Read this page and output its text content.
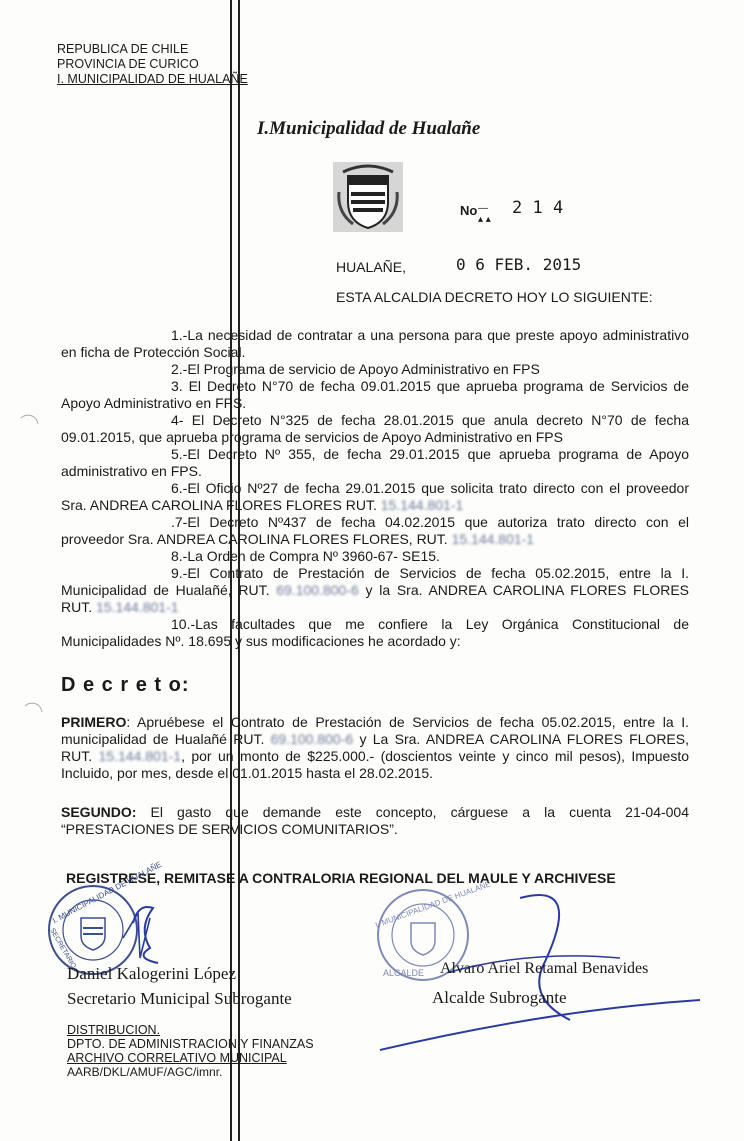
REPUBLICA DE CHILE
PROVINCIA DE CURICO
I. MUNICIPALIDAD DE HUALAÑE
I.Municipalidad de Hualañe
No —
▴ ▴
2 1 4
HUALAÑE,	0 6 FEB. 2015
ESTA ALCALDIA DECRETO HOY LO SIGUIENTE:
1.-La necesidad de contratar a una persona para que preste apoyo administrativo en ficha de Protección Social.
2.-El Programa de servicio de Apoyo Administrativo en FPS
3. El Decreto N°70 de fecha 09.01.2015 que aprueba programa de Servicios de Apoyo Administrativo en FPS.
4- El Decreto N°325 de fecha 28.01.2015 que anula decreto N°70 de fecha 09.01.2015, que aprueba programa de servicios de Apoyo Administrativo en FPS
5.-El Decreto Nº 355, de fecha 29.01.2015 que aprueba programa de Apoyo administrativo en FPS.
6.-El Oficio Nº27 de fecha 29.01.2015 que solicita trato directo con el proveedor Sra. ANDREA CAROLINA FLORES FLORES RUT. 15.144.801-1
.7-El Decreto Nº437 de fecha 04.02.2015 que autoriza trato directo con el proveedor Sra. ANDREA CAROLINA FLORES FLORES, RUT. 15.144.801-1
8.-La Orden de Compra Nº 3960-67- SE15.
9.-El Contrato de Prestación de Servicios de fecha 05.02.2015, entre la I. Municipalidad de Hualañé, RUT. 69.100.800-6 y la Sra. ANDREA CAROLINA FLORES FLORES RUT. 15.144.801-1
10.-Las facultades que me confiere la Ley Orgánica Constitucional de Municipalidades Nº. 18.695 y sus modificaciones he acordado y:
D e c r e t o:
PRIMERO: Apruébese el Contrato de Prestación de Servicios de fecha 05.02.2015, entre la I. municipalidad de Hualañé RUT. 69.100.800-6 y La Sra. ANDREA CAROLINA FLORES FLORES, RUT. 15.144.801-1, por un monto de $225.000.- (doscientos veinte y cinco mil pesos), Impuesto Incluido, por mes, desde el 01.01.2015 hasta el 28.02.2015.
SEGUNDO: El gasto que demande este concepto, cárguese a la cuenta 21-04-004 “PRESTACIONES DE SERVICIOS COMUNITARIOS”.
REGISTRESE, REMITASE A CONTRALORIA REGIONAL DEL MAULE Y ARCHIVESE
I. MUNICIPALIDAD DE HUALAÑE
SECRETARIO
I. MUNICIPALIDAD DE HUALAÑE
ALCALDE
Daniel Kalogerini López
Secretario Municipal Subrogante
Alvaro Ariel Retamal Benavides
Alcalde Subrogante
DISTRIBUCION.
DPTO. DE ADMINISTRACION Y FINANZAS
ARCHIVO CORRELATIVO MUNICIPAL
AARB/DKL/AMUF/AGC/imnr.
